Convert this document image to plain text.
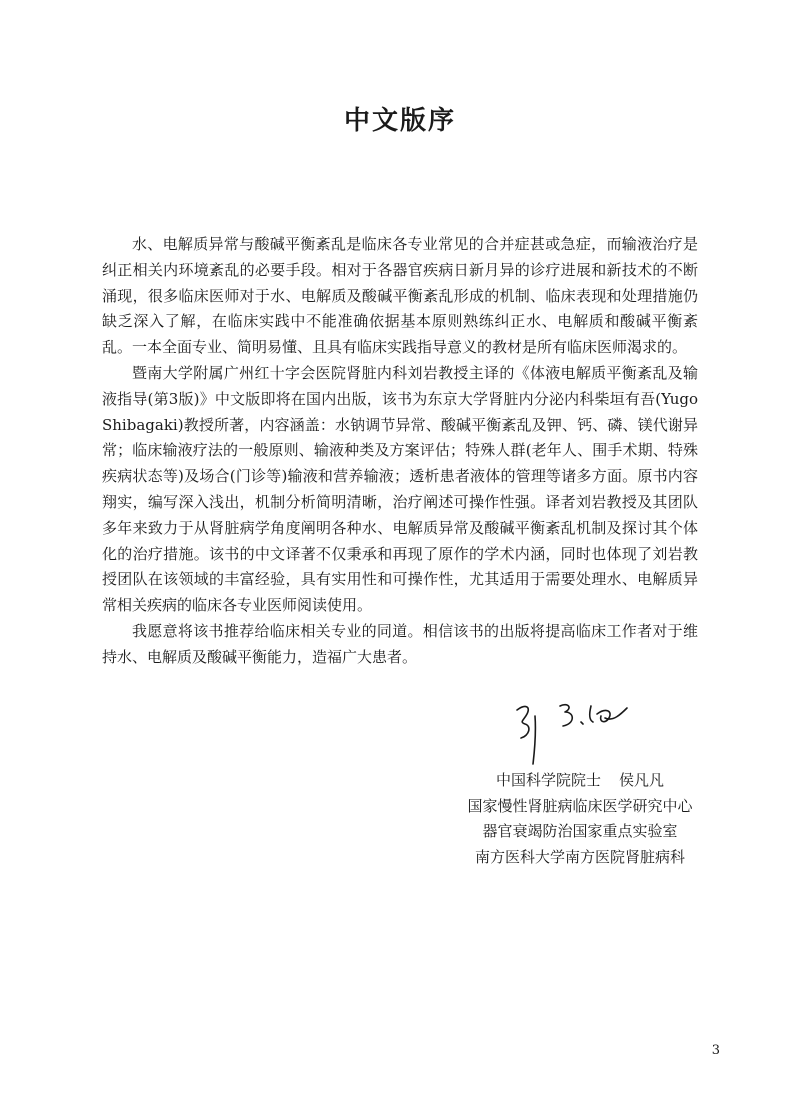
中文版序

水、电解质异常与酸碱平衡紊乱是临床各专业常见的合并症甚或急症，而输液治疗是纠正相关内环境紊乱的必要手段。相对于各器官疾病日新月异的诊疗进展和新技术的不断涌现，很多临床医师对于水、电解质及酸碱平衡紊乱形成的机制、临床表现和处理措施仍缺乏深入了解，在临床实践中不能准确依据基本原则熟练纠正水、电解质和酸碱平衡紊乱。一本全面专业、简明易懂、且具有临床实践指导意义的教材是所有临床医师渴求的。

暨南大学附属广州红十字会医院肾脏内科刘岩教授主译的《体液电解质平衡紊乱及输液指导(第3版)》中文版即将在国内出版，该书为东京大学肾脏内分泌内科柴垣有吾(Yugo Shibagaki)教授所著，内容涵盖：水钠调节异常、酸碱平衡紊乱及钾、钙、磷、镁代谢异常；临床输液疗法的一般原则、输液种类及方案评估；特殊人群(老年人、围手术期、特殊疾病状态等)及场合(门诊等)输液和营养输液；透析患者液体的管理等诸多方面。原书内容翔实，编写深入浅出，机制分析简明清晰，治疗阐述可操作性强。译者刘岩教授及其团队多年来致力于从肾脏病学角度阐明各种水、电解质异常及酸碱平衡紊乱机制及探讨其个体化的治疗措施。该书的中文译著不仅秉承和再现了原作的学术内涵，同时也体现了刘岩教授团队在该领域的丰富经验，具有实用性和可操作性，尤其适用于需要处理水、电解质异常相关疾病的临床各专业医师阅读使用。

我愿意将该书推荐给临床相关专业的同道。相信该书的出版将提高临床工作者对于维持水、电解质及酸碱平衡能力，造福广大患者。

中国科学院院士 侯凡凡
国家慢性肾脏病临床医学研究中心
器官衰竭防治国家重点实验室
南方医科大学南方医院肾脏病科
3
